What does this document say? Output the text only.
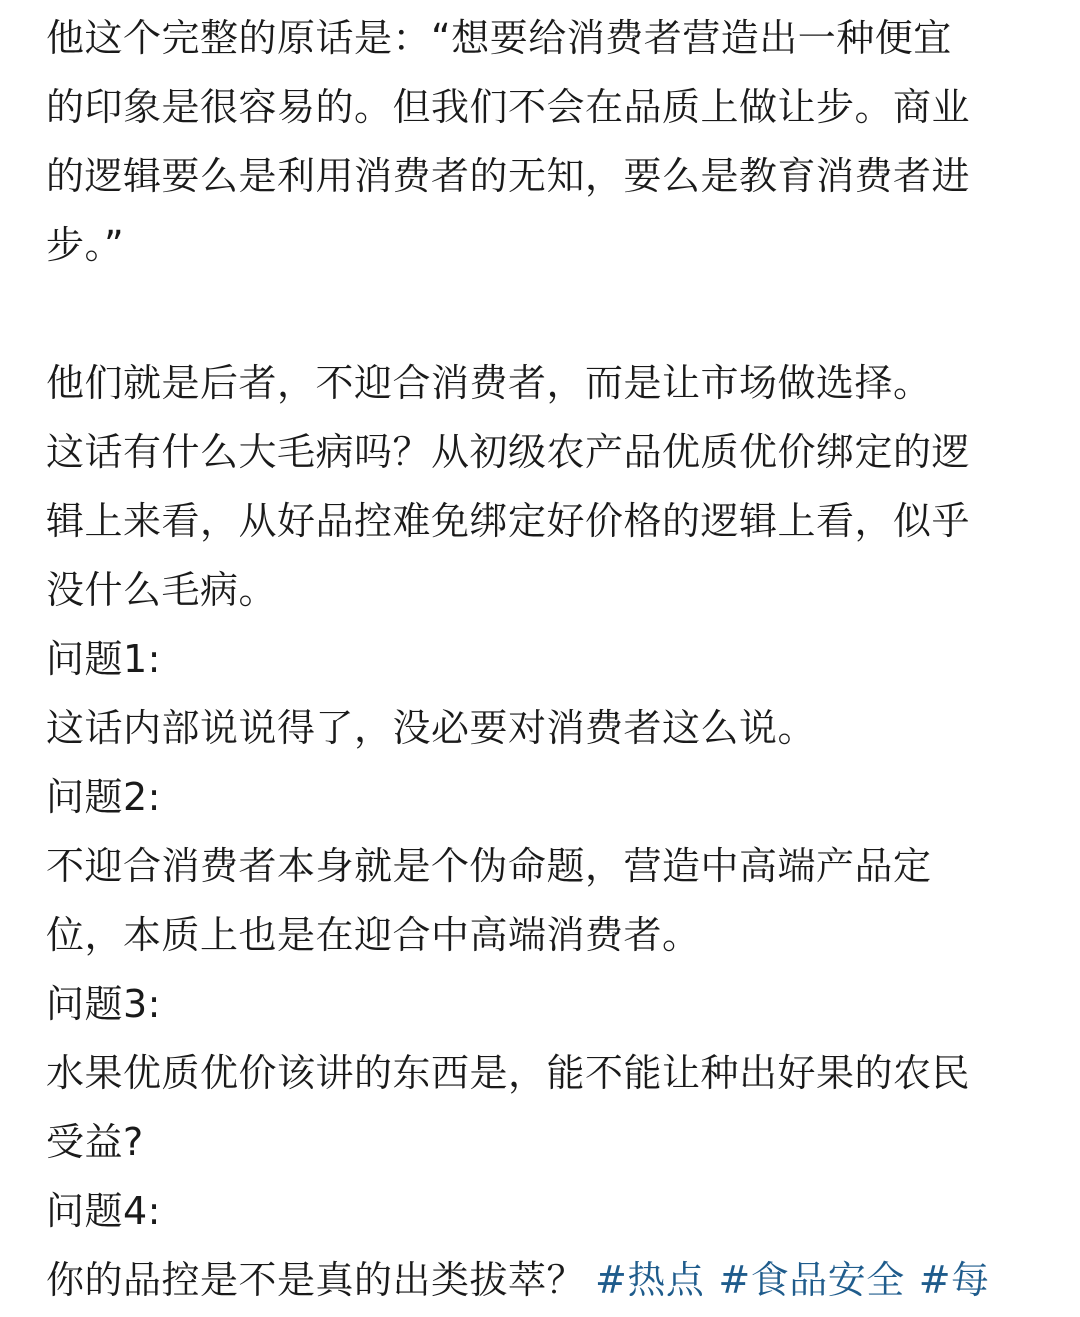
他这个完整的原话是：“想要给消费者营造出一种便宜
的印象是很容易的。但我们不会在品质上做让步。商业
的逻辑要么是利用消费者的无知，要么是教育消费者进
步。”
他们就是后者，不迎合消费者，而是让市场做选择。
这话有什么大毛病吗？从初级农产品优质优价绑定的逻
辑上来看，从好品控难免绑定好价格的逻辑上看，似乎
没什么毛病。
问题1:
这话内部说说得了，没必要对消费者这么说。
问题2:
不迎合消费者本身就是个伪命题，营造中高端产品定
位，本质上也是在迎合中高端消费者。
问题3:
水果优质优价该讲的东西是，能不能让种出好果的农民
受益?
问题4:
你的品控是不是真的出类拔萃？ #热点 #食品安全 #每
